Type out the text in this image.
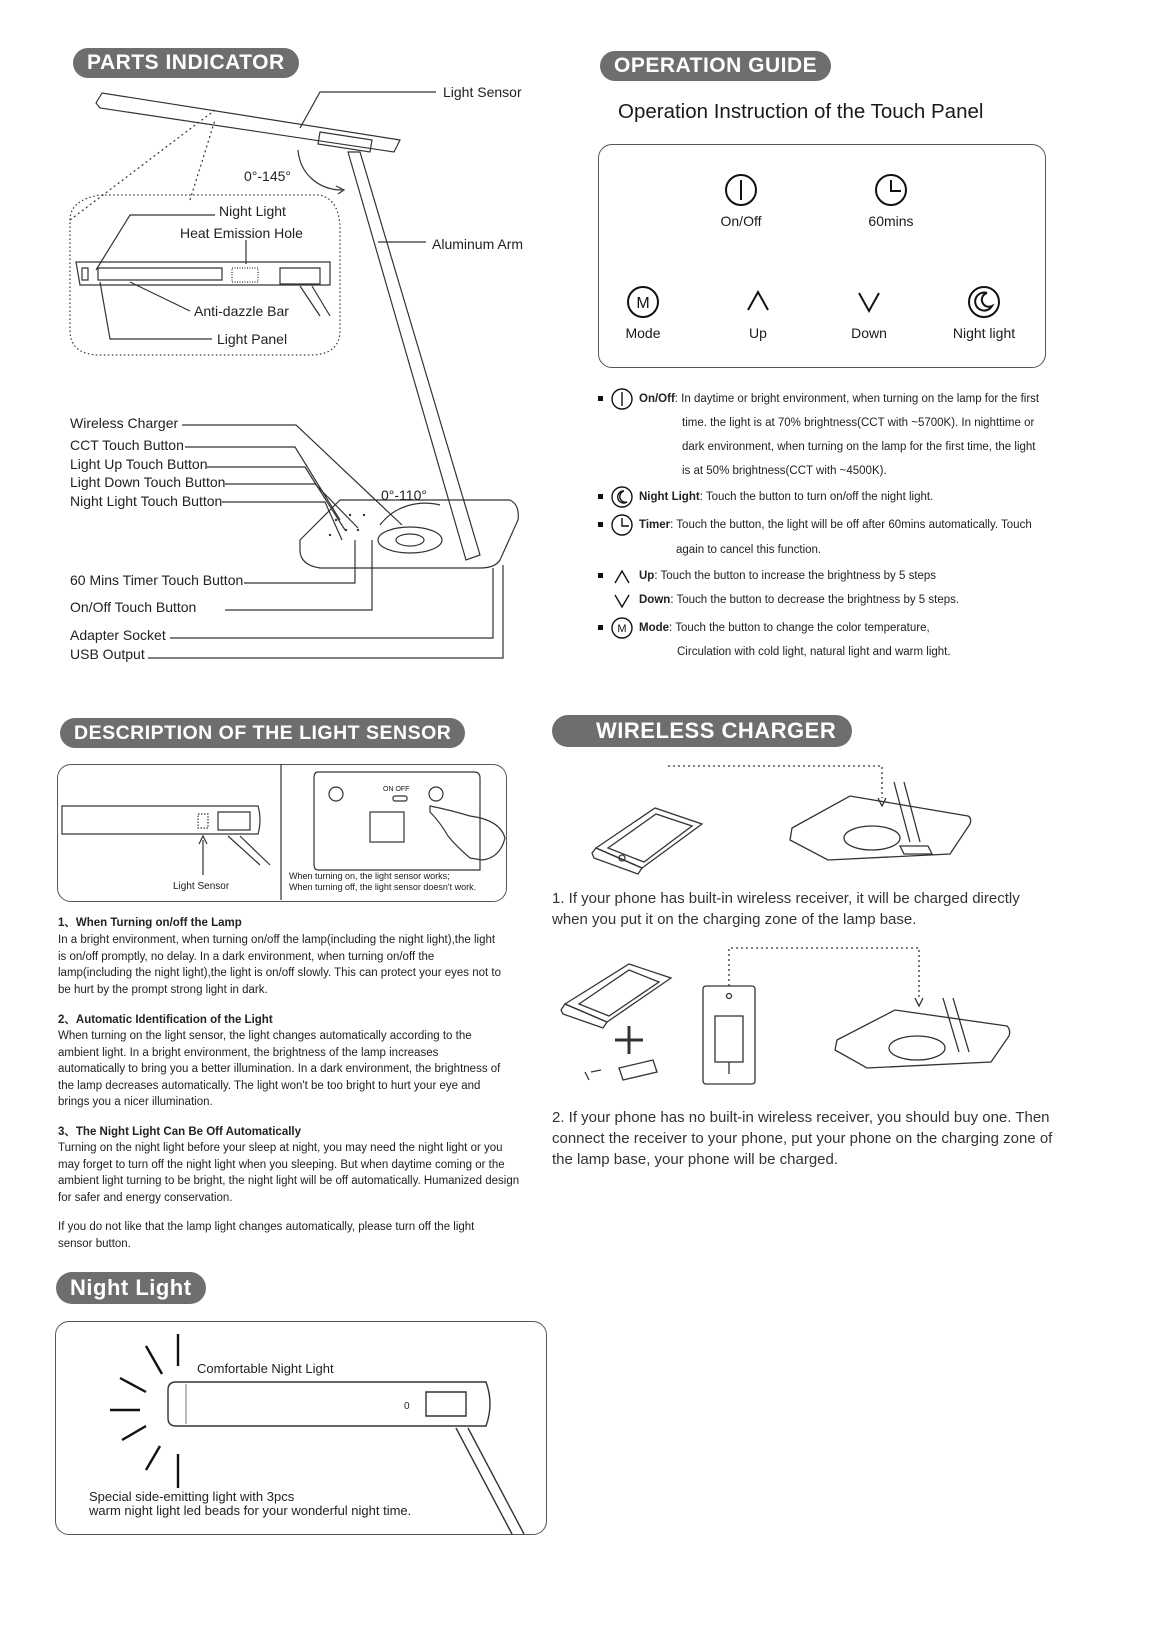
PARTS INDICATOR
Light Sensor
0°-145°
Night Light
Heat Emission Hole
Aluminum Arm
Anti-dazzle Bar
Light Panel
Wireless Charger
CCT Touch Button
Light Up Touch Button
Light Down Touch Button
Night Light Touch Button	0°-110°
60 Mins Timer Touch Button
On/Off Touch Button
Adapter Socket
USB Output
OPERATION GUIDE
Operation Instruction of the Touch Panel
M
On/Off	60mins
Mode	Up	Down	Night light
M
On/Off: In daytime or bright environment, when turning on the lamp for the first
time. the light is at 70% brightness(CCT with ~5700K). In nighttime or
dark environment, when turning on the lamp for the first time, the light
is at 50% brightness(CCT with ~4500K).
Night Light: Touch the button to turn on/off the night light.
Timer: Touch the button, the light will be off after 60mins automatically. Touch
again to cancel this function.
Up: Touch the button to increase the brightness by 5 steps
Down: Touch the button to decrease the brightness by 5 steps.
Mode: Touch the button to change the color temperature,
Circulation with cold light, natural light and warm light.
DESCRIPTION OF THE LIGHT SENSOR
ON OFF
Light Sensor
When turning on, the light sensor works;
When turning off, the light sensor doesn't work.
1、When Turning on/off the Lamp
In a bright environment, when turning on/off the lamp(including the night light),the light is on/off promptly, no delay. In a dark environment, when turning on/off the lamp(including the night light),the light is on/off slowly. This can protect your eyes not to be hurt by the prompt strong light in dark.
2、Automatic Identification of the Light
When turning on the light sensor, the light changes automatically according to the ambient light. In a bright environment, the brightness of the lamp increases automatically to bring you a better illumination. In a dark environment, the brightness of the lamp decreases automatically. The light won't be too bright to hurt your eye and brings you a nicer illumination.
3、The Night Light Can Be Off Automatically
Turning on the night light before your sleep at night, you may need the night light or you may forget to turn off the night light when you sleeping. But when daytime coming or the ambient light turning to be bright, the night light will be off automatically. Humanized design for safer and energy conservation.
If you do not like that the lamp light changes automatically, please turn off the light sensor button.
WIRELESS CHARGER
1. If your phone has built-in wireless receiver, it will be charged directly when you put it on the charging zone of the lamp base.
2. If your phone has no built-in wireless receiver, you should buy one. Then connect the receiver to your phone, put your phone on the charging zone of the lamp base, your phone will be charged.
Night Light
0
Comfortable Night Light
Special side-emitting light with 3pcs
warm night light led beads for your wonderful night time.
